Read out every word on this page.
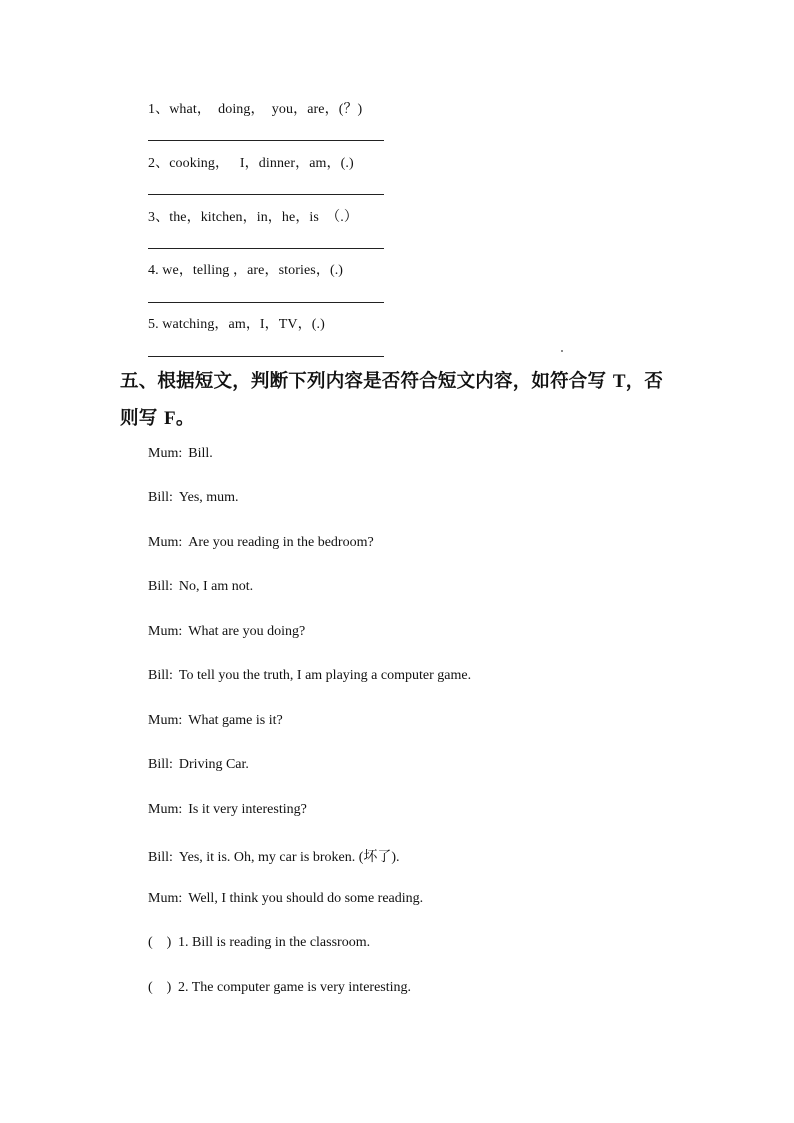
1、what，  doing，  you，are，(？)
2、cooking，   I，dinner，am，(.)
3、the，kitchen，in，he，is  （.）
4. we，telling ，are，stories，(.)
5. watching，am，I，TV，(.)
五、根据短文，判断下列内容是否符合短文内容，如符合写 T，否则写 F。
Mum: Bill.
Bill: Yes, mum.
Mum: Are you reading in the bedroom?
Bill: No, I am not.
Mum: What are you doing?
Bill: To tell you the truth, I am playing a computer game.
Mum: What game is it?
Bill: Driving Car.
Mum: Is it very interesting?
Bill: Yes, it is. Oh, my car is broken. (坏了).
Mum: Well, I think you should do some reading.
(    ) 1. Bill is reading in the classroom.
(    ) 2. The computer game is very interesting.
